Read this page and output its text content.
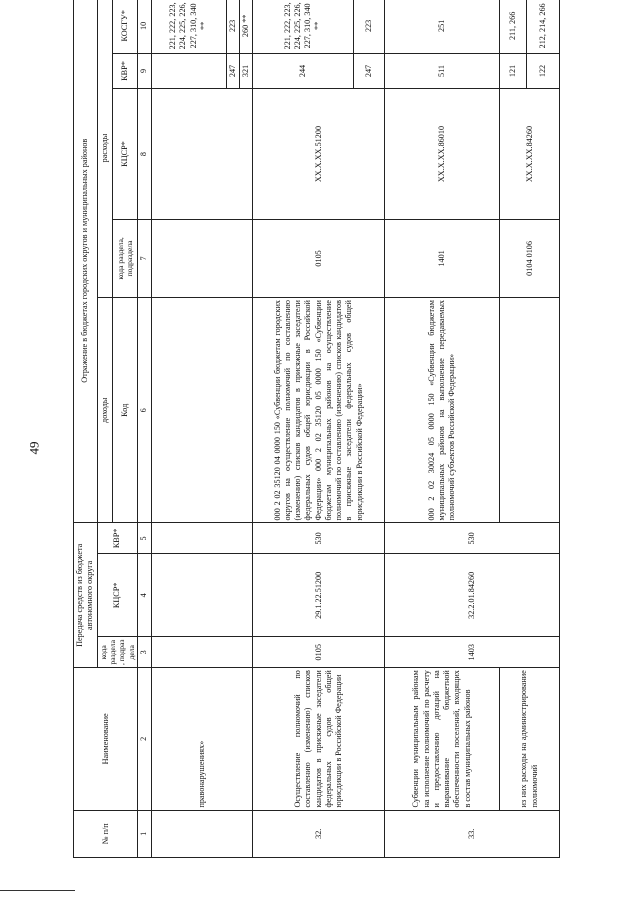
49
№ п/п	Наименование	Передача средств из бюджета автономного округа			Отражение в бюджетах городских округов и муниципальных районов				
		кода раздела , подраз дела	КЦСР*	КВР*	доходы	расходы			
					Код	кода раздела, подраздела	КЦСР*	КВР*	КОСГУ*
1	2	3	4	5	6	7	8	9	10
	правонарушениях»								221, 222, 223, 224, 225, 226, 227, 310, 340 **
								247	223
								321	260 **
32.	Осуществление полномочий по составлению (изменению) списков кандидатов в присяжные заседатели федеральных судов общей юрисдикции в Российской Федерации	0105	29.1.22.51200	530	000 2 02 35120 04 0000 150 «Субвенции бюджетам городских округов на осуществление полномочий по составлению (изменению) списков кандидатов в присяжные заседатели федеральных судов общей юрисдикции в Российской Федерации» 000 2 02 35120 05 0000 150 «Субвенции бюджетам муниципальных районов на осуществление полномочий по составлению (изменению) списков кандидатов в присяжные заседатели федеральных судов общей юрисдикции в Российской Федерации»	0105	ХХ.Х.ХХ.51200	244	221, 222, 223, 224, 225, 226, 227, 310, 340 **
								247	223
33.	Субвенции муниципальным районам на исполнение полномочий по расчету и предоставлению дотаций на выравнивание бюджетной обеспеченности поселений, входящих в состав муниципальных районов	1403	32.2.01.84260	530	000 2 02 30024 05 0000 150 «Субвенции бюджетам муниципальных районов на выполнение передаваемых полномочий субъектов Российской Федерации»	1401	ХХ.Х.ХХ.86010	511	251
	из них расходы на администрирование полномочий					0104 0106	ХХ.Х.ХХ.84260	121	211, 266
								122	212, 214, 266
